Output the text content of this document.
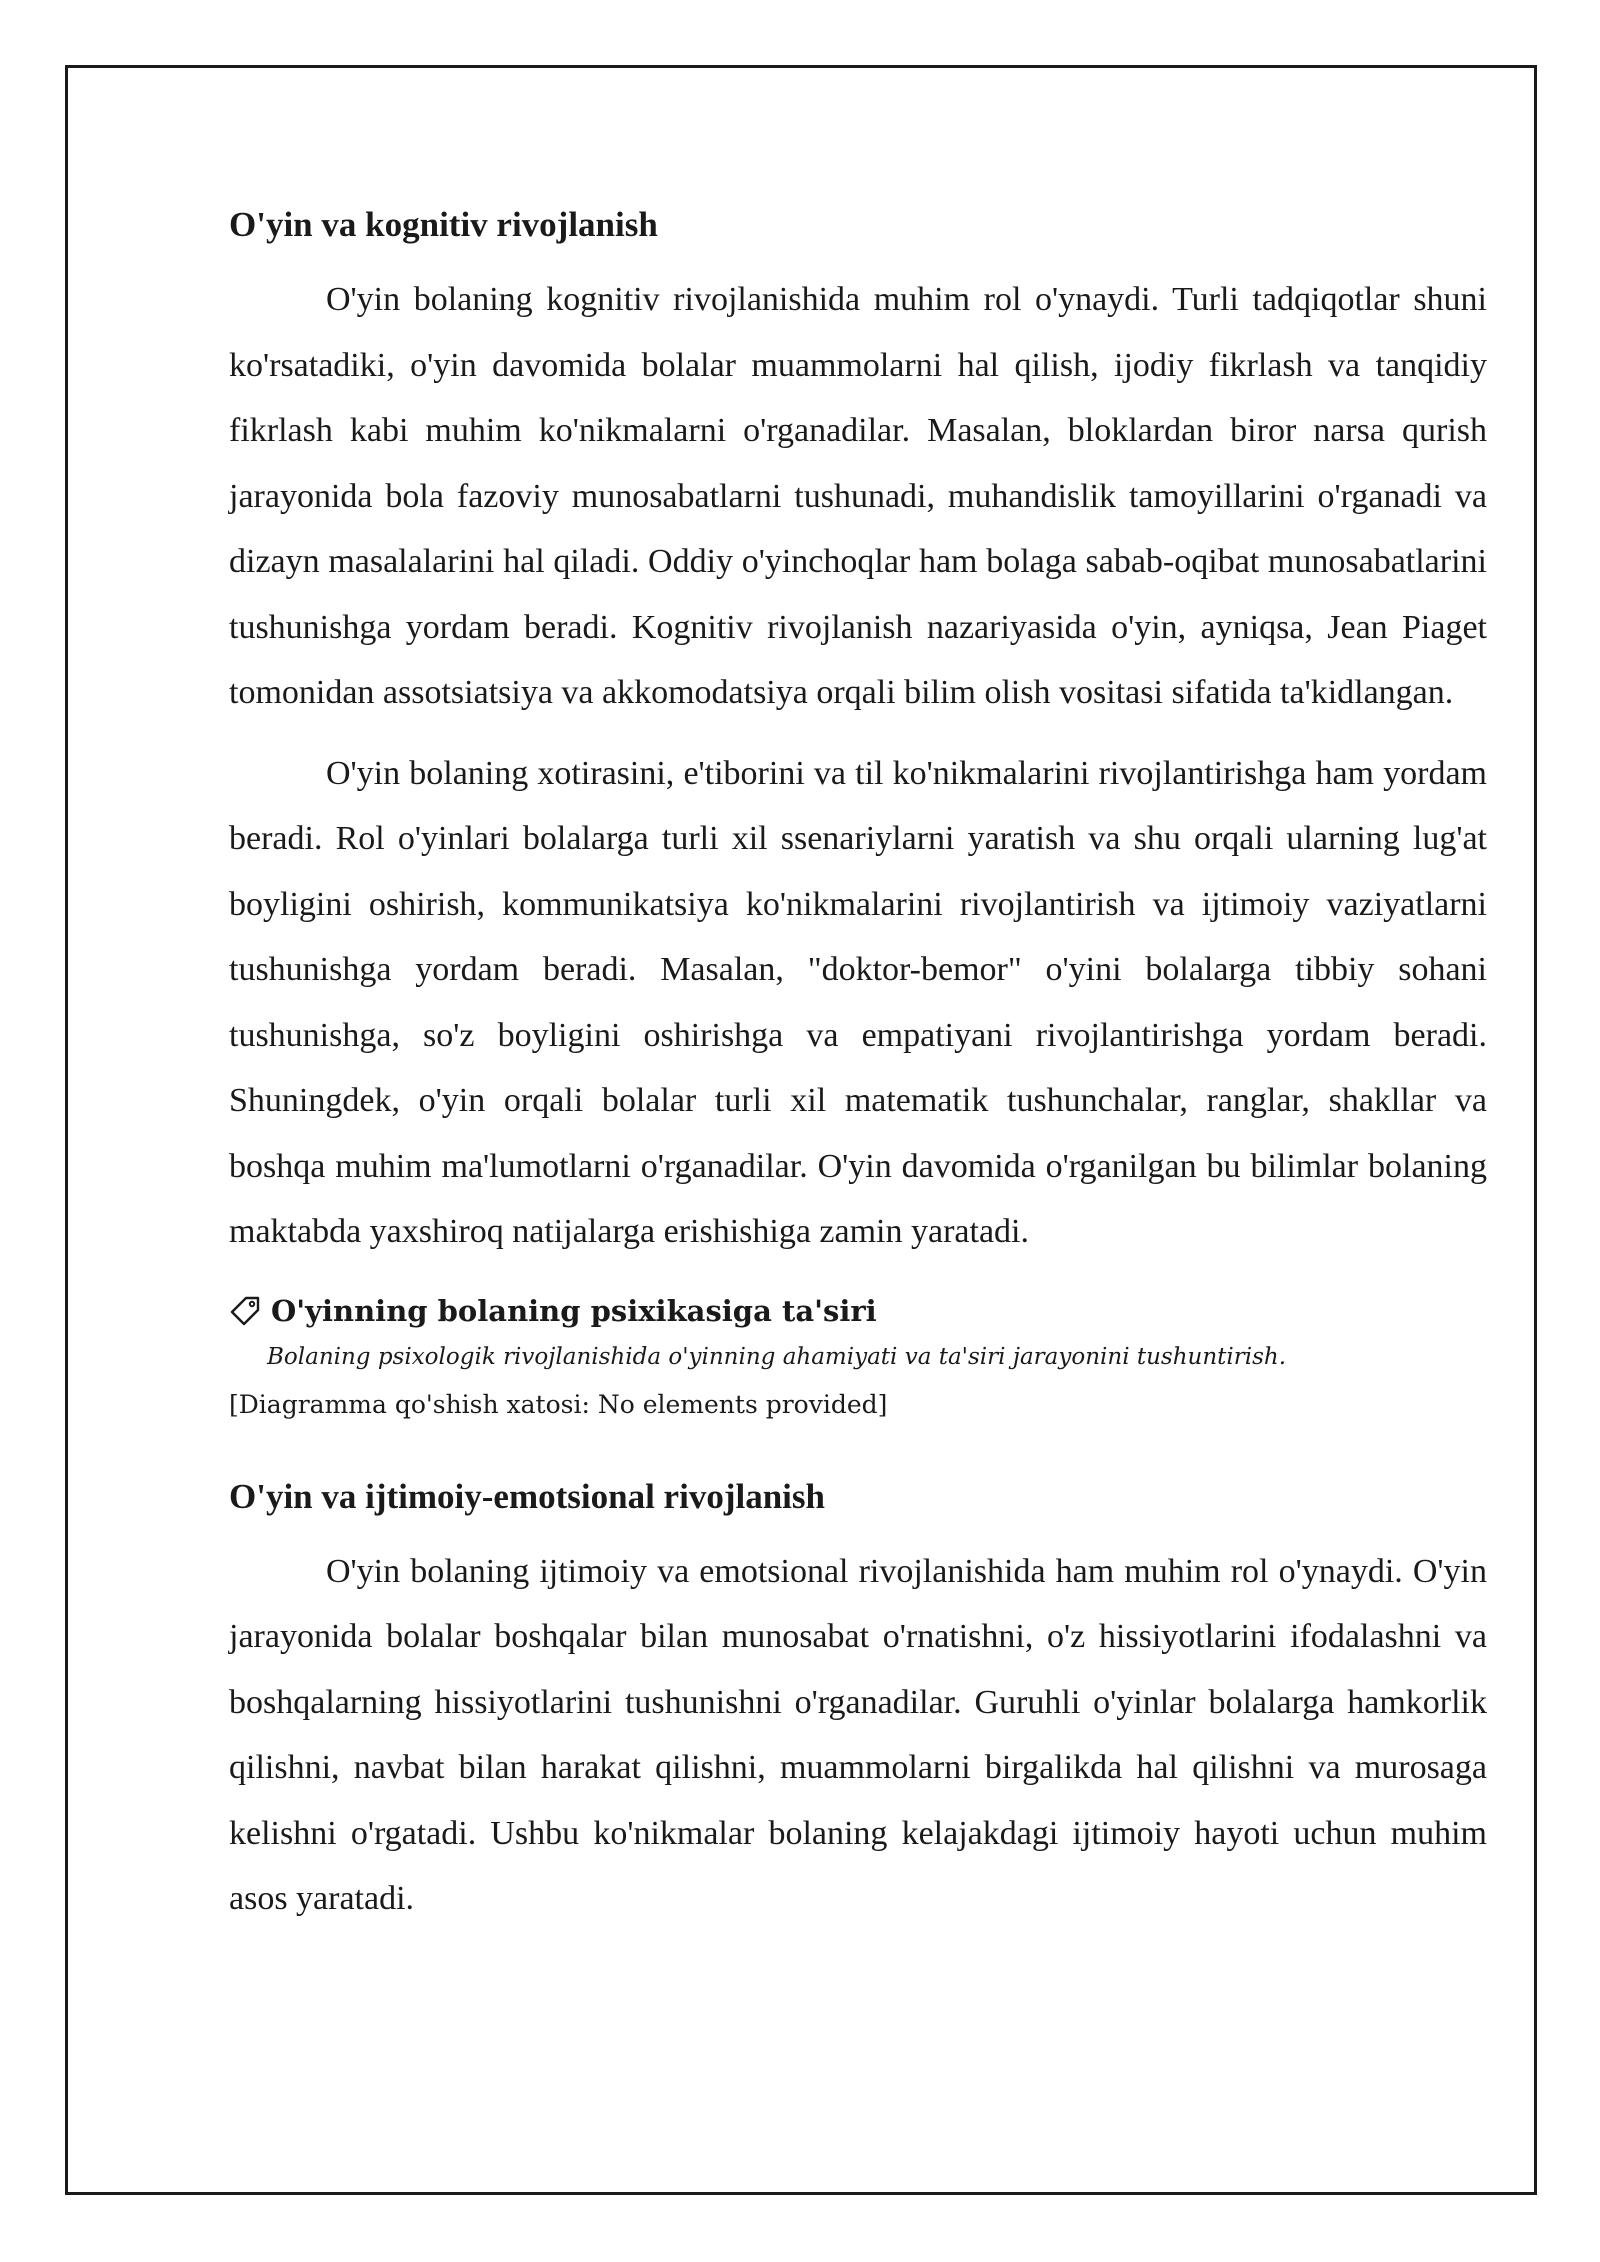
O'yin va kognitiv rivojlanish

O'yin bolaning kognitiv rivojlanishida muhim rol o'ynaydi. Turli tadqiqotlar shuni ko'rsatadiki, o'yin davomida bolalar muammolarni hal qilish, ijodiy fikrlash va tanqidiy fikrlash kabi muhim ko'nikmalarni o'rganadilar. Masalan, bloklardan biror narsa qurish jarayonida bola fazoviy munosabatlarni tushunadi, muhandislik tamoyillarini o'rganadi va dizayn masalalarini hal qiladi. Oddiy o'yinchoqlar ham bolaga sabab-oqibat munosabatlarini tushunishga yordam beradi. Kognitiv rivojlanish nazariyasida o'yin, ayniqsa, Jean Piaget tomonidan assotsiatsiya va akkomodatsiya orqali bilim olish vositasi sifatida ta'kidlangan.

O'yin bolaning xotirasini, e'tiborini va til ko'nikmalarini rivojlantirishga ham yordam beradi. Rol o'yinlari bolalarga turli xil ssenariylarni yaratish va shu orqali ularning lug'at boyligini oshirish, kommunikatsiya ko'nikmalarini rivojlantirish va ijtimoiy vaziyatlarni tushunishga yordam beradi. Masalan, "doktor-bemor" o'yini bolalarga tibbiy sohani tushunishga, so'z boyligini oshirishga va empatiyani rivojlantirishga yordam beradi. Shuningdek, o'yin orqali bolalar turli xil matematik tushunchalar, ranglar, shakllar va boshqa muhim ma'lumotlarni o'rganadilar. O'yin davomida o'rganilgan bu bilimlar bolaning maktabda yaxshiroq natijalarga erishishiga zamin yaratadi.

O'yinning bolaning psixikasiga ta'siri
Bolaning psixologik rivojlanishida o'yinning ahamiyati va ta'siri jarayonini tushuntirish.
[Diagramma qo'shish xatosi: No elements provided]
O'yin va ijtimoiy-emotsional rivojlanish

O'yin bolaning ijtimoiy va emotsional rivojlanishida ham muhim rol o'ynaydi. O'yin jarayonida bolalar boshqalar bilan munosabat o'rnatishni, o'z hissiyotlarini ifodalashni va boshqalarning hissiyotlarini tushunishni o'rganadilar. Guruhli o'yinlar bolalarga hamkorlik qilishni, navbat bilan harakat qilishni, muammolarni birgalikda hal qilishni va murosaga kelishni o'rgatadi. Ushbu ko'nikmalar bolaning kelajakdagi ijtimoiy hayoti uchun muhim asos yaratadi.
